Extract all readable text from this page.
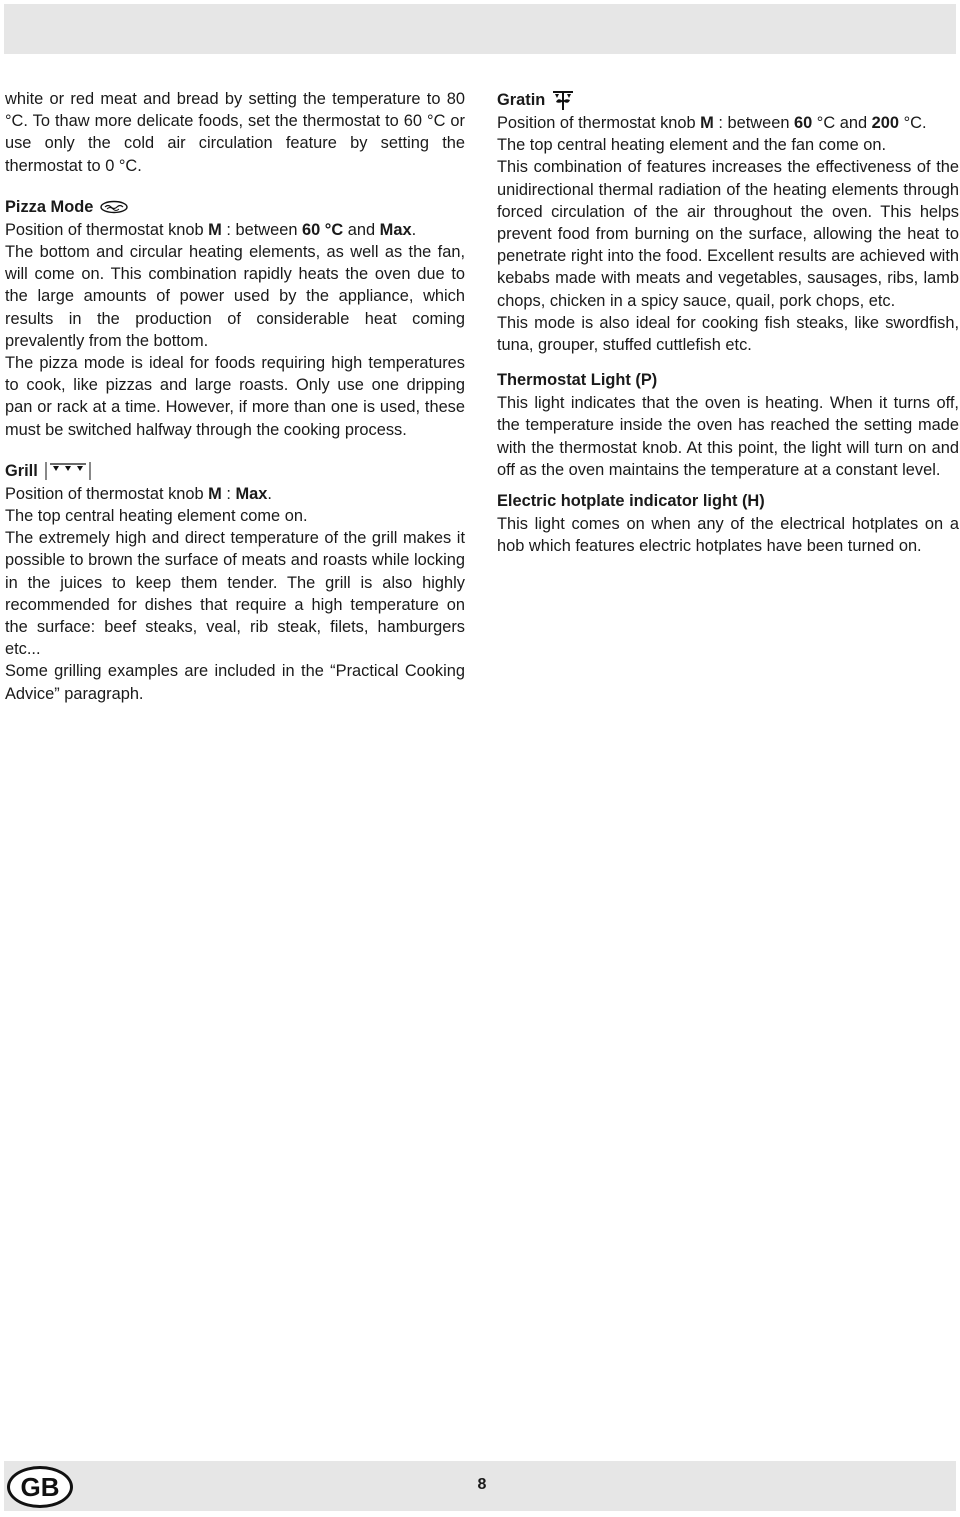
white or red meat and bread by setting the temperature to 80 °C. To thaw more delicate foods, set the thermostat to 60 °C or use only the cold air circulation feature by setting the thermostat to 0 °C.

Pizza Mode

Position of thermostat knob M : between 60 °C and Max.

The bottom and circular heating elements, as well as the fan, will come on. This combination rapidly heats the oven due to the large amounts of power used by the appliance, which results in the production of considerable heat coming prevalently from the bottom.

The pizza mode is ideal for foods requiring high temperatures to cook, like pizzas and large roasts. Only use one dripping pan or rack at a time. However, if more than one is used, these must be switched halfway through the cooking process.

Grill

Position of thermostat knob M : Max.

The top central heating element come on.

The extremely high and direct temperature of the grill makes it possible to brown the surface of meats and roasts while locking in the juices to keep them tender. The grill is also highly recommended for dishes that require a high temperature on the surface: beef steaks, veal, rib steak, filets, hamburgers etc...

Some grilling examples are included in the “Practical Cooking Advice” paragraph.

Gratin

Position of thermostat knob M : between 60 °C and 200 °C.

The top central heating element and the fan come on.

This combination of features increases the effectiveness of the unidirectional thermal radiation of the heating elements through forced circulation of the air throughout the oven. This helps prevent food from burning on the surface, allowing the heat to penetrate right into the food. Excellent results are achieved with kebabs made with meats and vegetables, sausages, ribs, lamb chops, chicken in a spicy sauce, quail, pork chops, etc.

This mode is also ideal for cooking fish steaks, like swordfish, tuna, grouper, stuffed cuttlefish etc.

Thermostat Light (P)

This light indicates that the oven is heating. When it turns off, the temperature inside the oven has reached the setting made with the thermostat knob. At this point, the light will turn on and off as the oven maintains the temperature at a constant level.

Electric hotplate indicator light (H)

This light comes on when any of the electrical hotplates on a hob which features electric hotplates have been turned on.

GB	8
